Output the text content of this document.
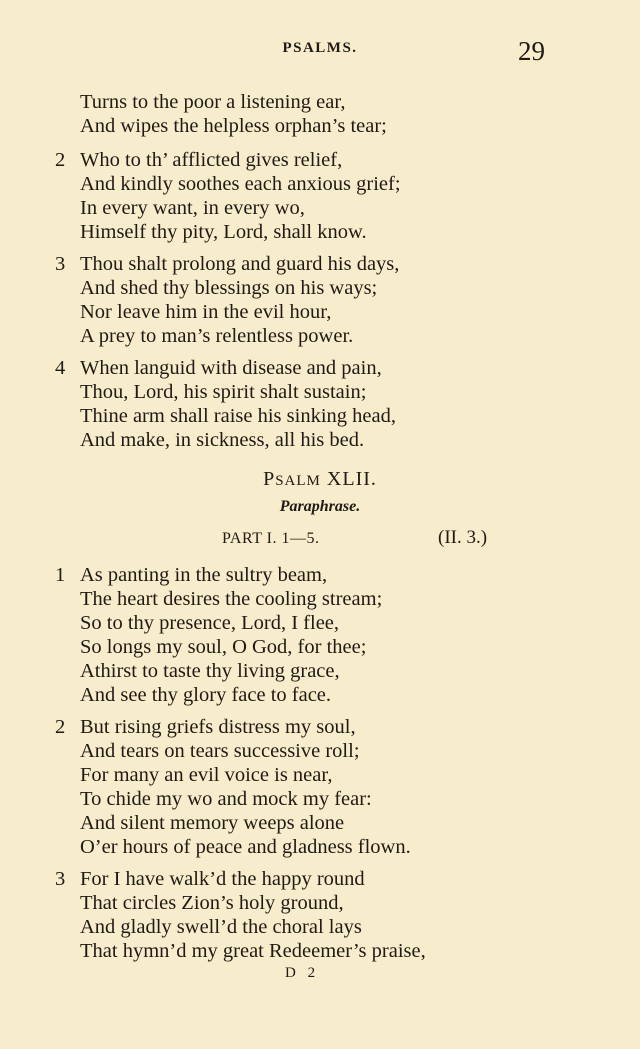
PSALMS.	29
Turns to the poor a listening ear,
And wipes the helpless orphan’s tear;
2 Who to th’ afflicted gives relief,
And kindly soothes each anxious grief;
In every want, in every wo,
Himself thy pity, Lord, shall know.
3 Thou shalt prolong and guard his days,
And shed thy blessings on his ways;
Nor leave him in the evil hour,
A prey to man’s relentless power.
4 When languid with disease and pain,
Thou, Lord, his spirit shalt sustain;
Thine arm shall raise his sinking head,
And make, in sickness, all his bed.
PSALM XLII.
Paraphrase.
PART I. 1—5.	(II. 3.)
1 As panting in the sultry beam,
The heart desires the cooling stream;
So to thy presence, Lord, I flee,
So longs my soul, O God, for thee;
Athirst to taste thy living grace,
And see thy glory face to face.
2 But rising griefs distress my soul,
And tears on tears successive roll;
For many an evil voice is near,
To chide my wo and mock my fear:
And silent memory weeps alone
O’er hours of peace and gladness flown.
3 For I have walk’d the happy round
That circles Zion’s holy ground,
And gladly swell’d the choral lays
That hymn’d my great Redeemer’s praise,
D 2
